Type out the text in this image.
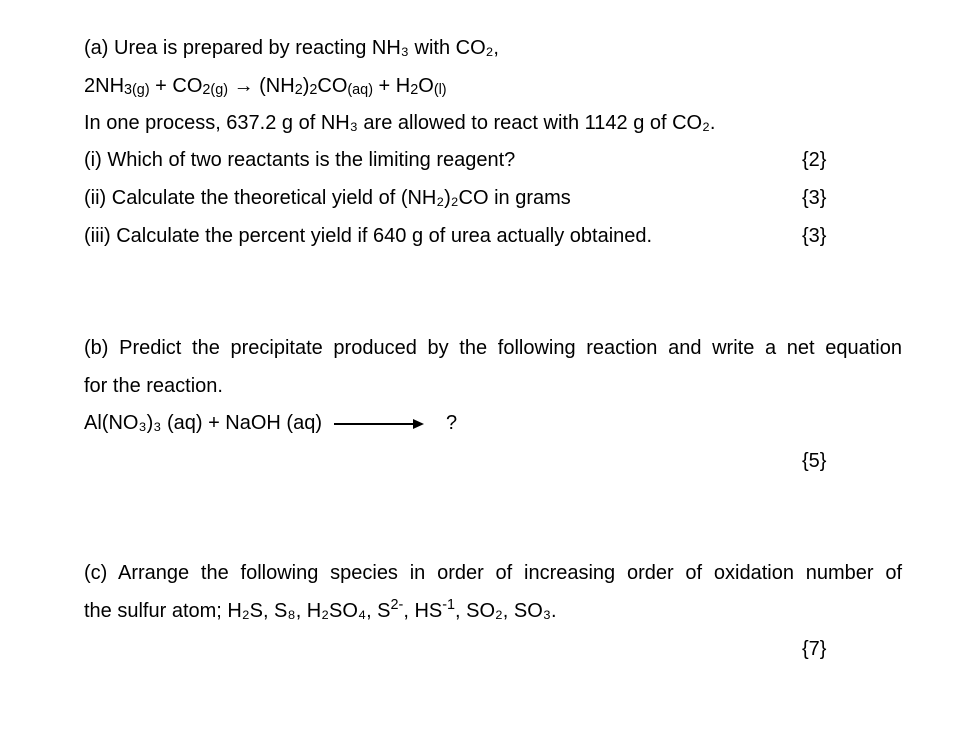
(a) Urea is prepared by reacting NH₃ with CO₂,
$2NH_{3(g)} + CO_{2(g)} \to (NH_2)_2CO_{(aq)} + H_2O_{(l)}$
In one process, 637.2 g of NH₃ are allowed to react with 1142 g of CO₂.
(i) Which of two reactants is the limiting reagent?	{2}
(ii) Calculate the theoretical yield of (NH₂)₂CO in grams	{3}
(iii) Calculate the percent yield if 640 g of urea actually obtained.	{3}
(b) Predict the precipitate produced by the following reaction and write a net equation
for the reaction.
Al(NO₃)₃ (aq) + NaOH (aq)	?
{5}
(c) Arrange the following species in order of increasing order of oxidation number of
the sulfur atom; H₂S, S₈, H₂SO₄, $S^{2-}$, $HS^{-1}$, SO₂, SO₃.
{7}
